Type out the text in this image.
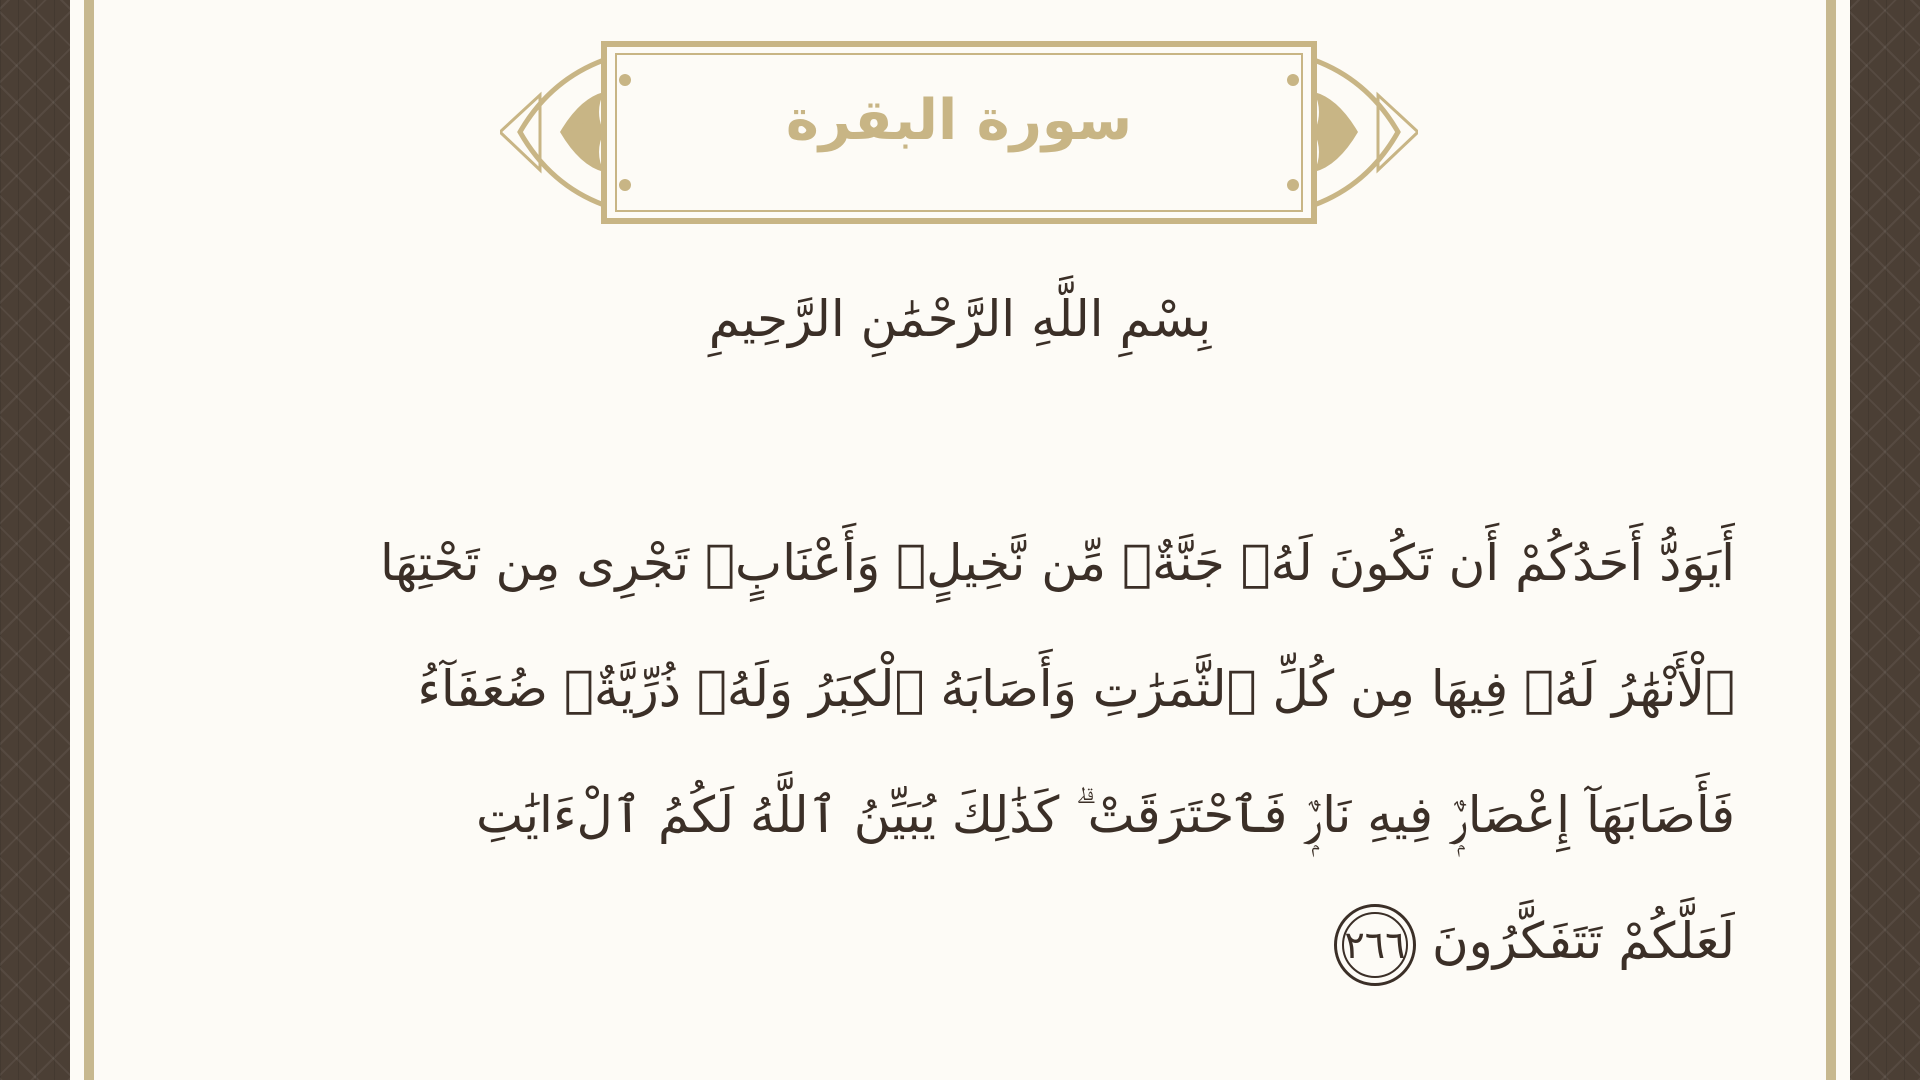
سورة البقرة
بِسْمِ اللَّهِ الرَّحْمَٰنِ الرَّحِيمِ
أَيَوَدُّ أَحَدُكُمْ أَن تَكُونَ لَهُۥ جَنَّةٌۭ مِّن نَّخِيلٍۢ وَأَعْنَابٍۢ تَجْرِى مِن تَحْتِهَا
ٱلْأَنْهَٰرُ لَهُۥ فِيهَا مِن كُلِّ ٱلثَّمَرَٰتِ وَأَصَابَهُ ٱلْكِبَرُ وَلَهُۥ ذُرِّيَّةٌۭ ضُعَفَآءُ
فَأَصَابَهَآ إِعْصَارٌۭ فِيهِ نَارٌۭ فَٱحْتَرَقَتْ ۗ كَذَٰلِكَ يُبَيِّنُ ٱللَّهُ لَكُمُ ٱلْءَايَٰتِ
لَعَلَّكُمْ تَتَفَكَّرُونَ٢٦٦
